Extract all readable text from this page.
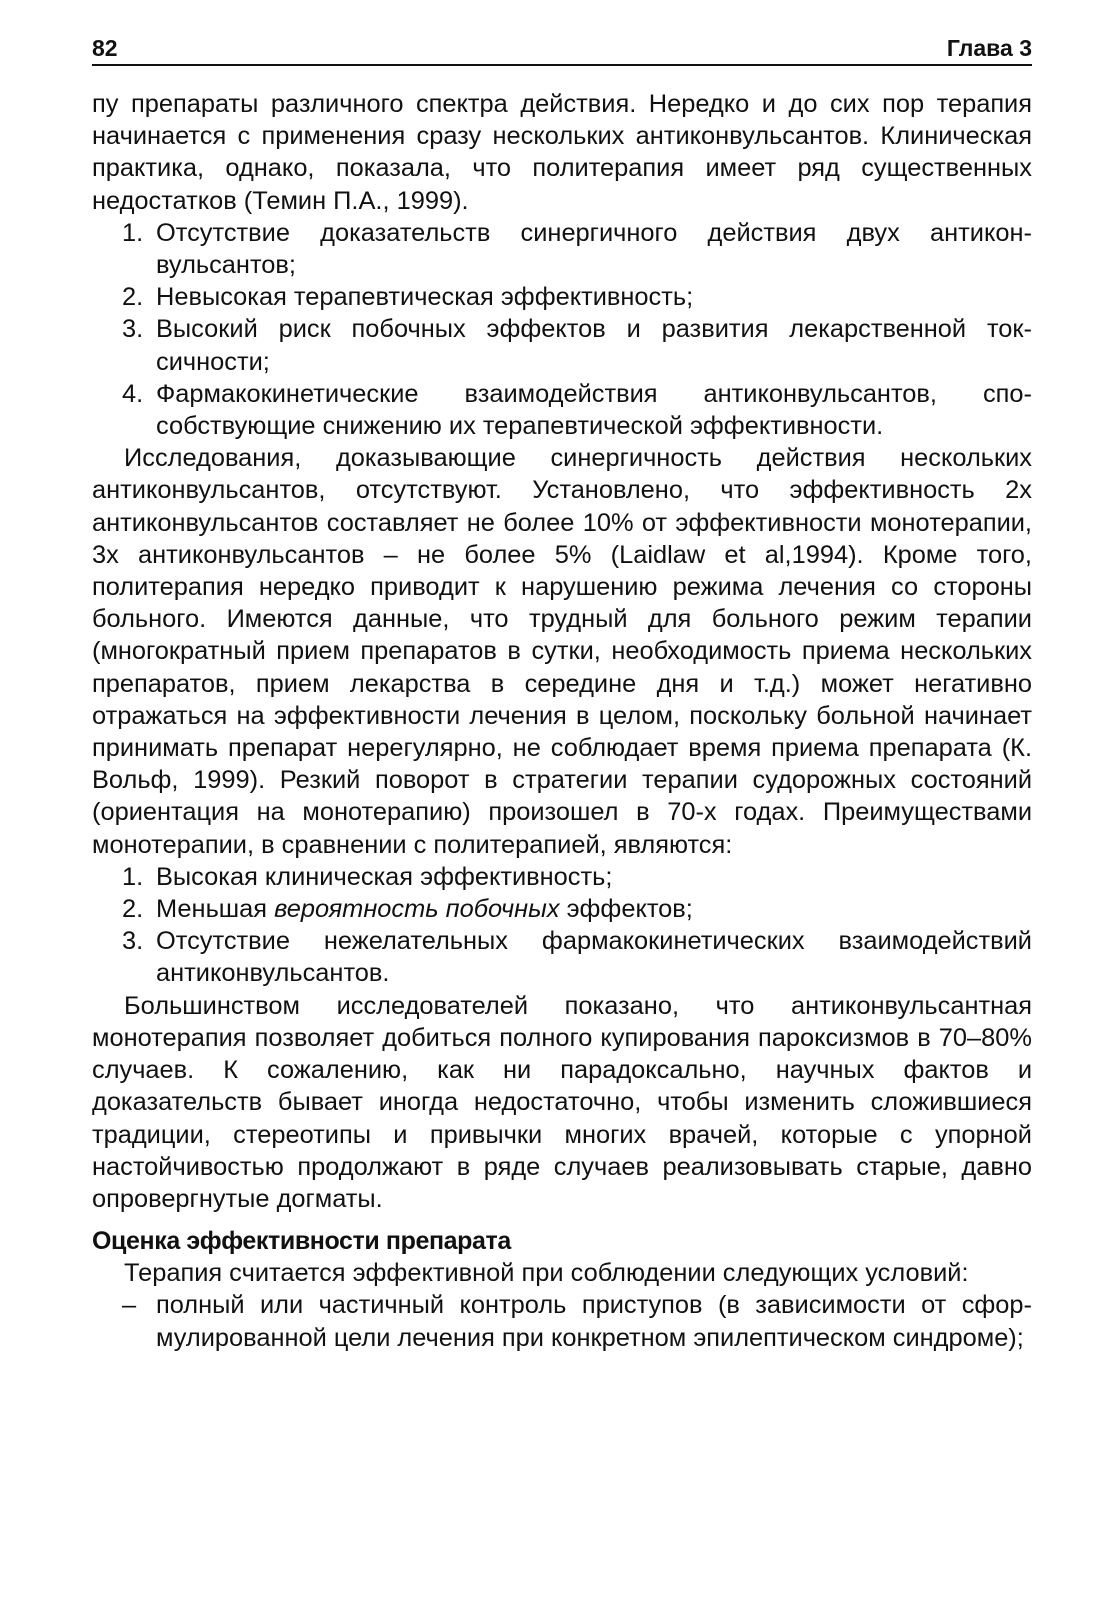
82	Глава 3

пу препараты различного спектра действия. Нередко и до сих пор терапия начинается с применения сразу нескольких антиконвульсантов. Клиническая практика, однако, показала, что политерапия имеет ряд существенных недостатков (Темин П.А., 1999).

1. Отсутствие доказательств синергичного действия двух антиконвульсантов;
2. Невысокая терапевтическая эффективность;
3. Высокий риск побочных эффектов и развития лекарственной токсичности;
4. Фармакокинетические взаимодействия антиконвульсантов, способствующие снижению их терапевтической эффективности.

Исследования, доказывающие синергичность действия нескольких антиконвульсантов, отсутствуют. Установлено, что эффективность 2х антиконвульсантов составляет не более 10% от эффективности монотерапии, 3х антиконвульсантов – не более 5% (Laidlaw et al,1994). Кроме того, политерапия нередко приводит к нарушению режима лечения со стороны больного. Имеются данные, что трудный для больного режим терапии (многократный прием препаратов в сутки, необходимость приема нескольких препаратов, прием лекарства в середине дня и т.д.) может негативно отражаться на эффективности лечения в целом, поскольку больной начинает принимать препарат нерегулярно, не соблюдает время приема препарата (К. Вольф, 1999). Резкий поворот в стратегии терапии судорожных состояний (ориентация на монотерапию) произошел в 70-х годах. Преимуществами монотерапии, в сравнении с политерапией, являются:

1. Высокая клиническая эффективность;
2. Меньшая вероятность побочных эффектов;
3. Отсутствие нежелательных фармакокинетических взаимодействий антиконвульсантов.

Большинством исследователей показано, что антиконвульсантная монотерапия позволяет добиться полного купирования пароксизмов в 70–80% случаев. К сожалению, как ни парадоксально, научных фактов и доказательств бывает иногда недостаточно, чтобы изменить сложившиеся традиции, стереотипы и привычки многих врачей, которые с упорной настойчивостью продолжают в ряде случаев реализовывать старые, давно опровергнутые догматы.

Оценка эффективности препарата

Терапия считается эффективной при соблюдении следующих условий:

– полный или частичный контроль приступов (в зависимости от сформулированной цели лечения при конкретном эпилептическом синдроме);
